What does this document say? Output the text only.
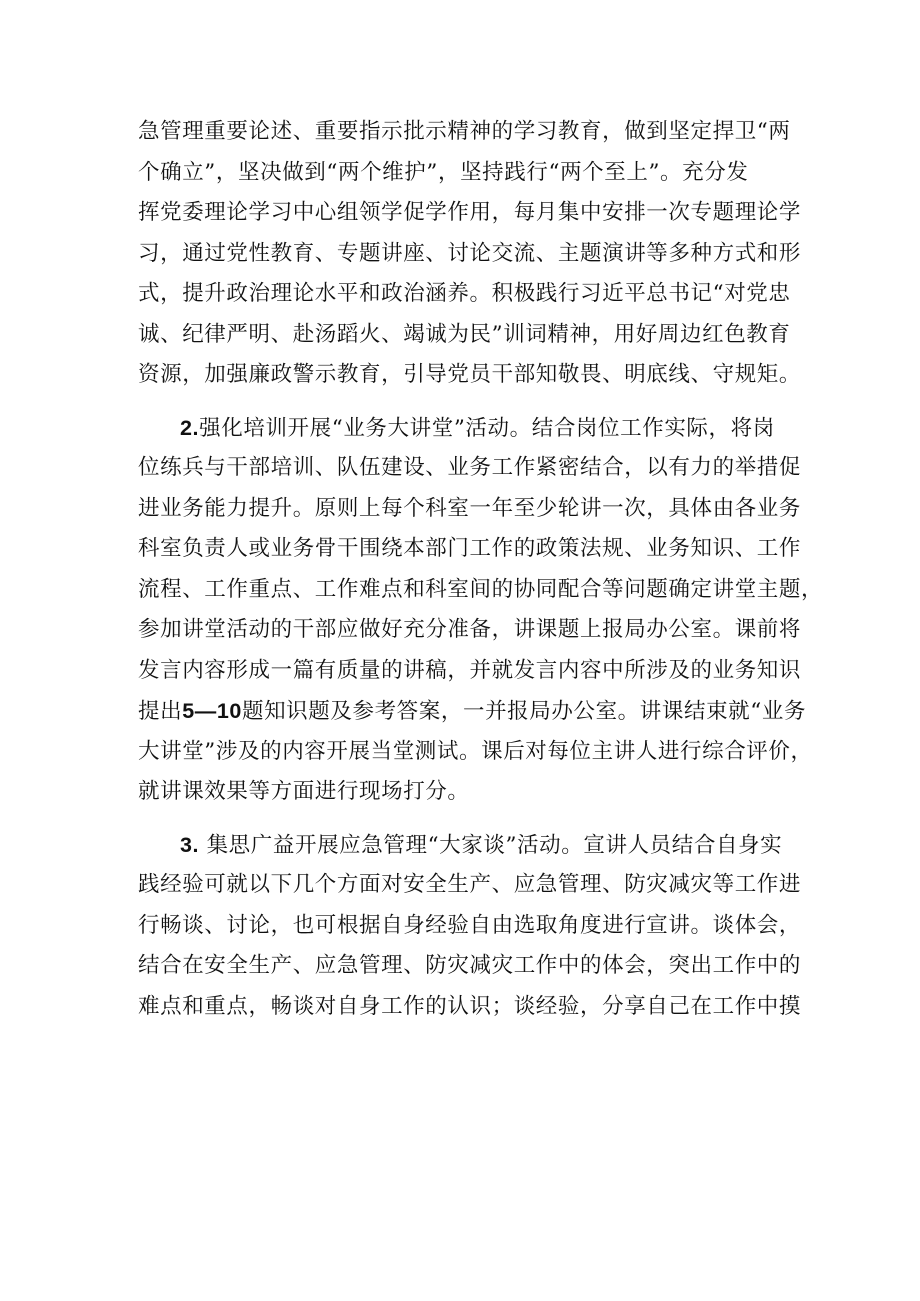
急管理重要论述、重要指示批示精神的学习教育，做到坚定捍卫“两
个确立”，坚决做到“两个维护”，坚持践行“两个至上”。充分发
挥党委理论学习中心组领学促学作用，每月集中安排一次专题理论学
习，通过党性教育、专题讲座、讨论交流、主题演讲等多种方式和形
式，提升政治理论水平和政治涵养。积极践行习近平总书记“对党忠
诚、纪律严明、赴汤蹈火、竭诚为民”训词精神，用好周边红色教育
资源，加强廉政警示教育，引导党员干部知敬畏、明底线、守规矩。
2.强化培训开展“业务大讲堂”活动。结合岗位工作实际，将岗
位练兵与干部培训、队伍建设、业务工作紧密结合，以有力的举措促
进业务能力提升。原则上每个科室一年至少轮讲一次，具体由各业务
科室负责人或业务骨干围绕本部门工作的政策法规、业务知识、工作
流程、工作重点、工作难点和科室间的协同配合等问题确定讲堂主题，
参加讲堂活动的干部应做好充分准备，讲课题上报局办公室。课前将
发言内容形成一篇有质量的讲稿，并就发言内容中所涉及的业务知识
提出5—10题知识题及参考答案，一并报局办公室。讲课结束就“业务
大讲堂”涉及的内容开展当堂测试。课后对每位主讲人进行综合评价，
就讲课效果等方面进行现场打分。
3. 集思广益开展应急管理“大家谈”活动。宣讲人员结合自身实
践经验可就以下几个方面对安全生产、应急管理、防灾减灾等工作进
行畅谈、讨论，也可根据自身经验自由选取角度进行宣讲。谈体会，
结合在安全生产、应急管理、防灾减灾工作中的体会，突出工作中的
难点和重点，畅谈对自身工作的认识；谈经验，分享自己在工作中摸
